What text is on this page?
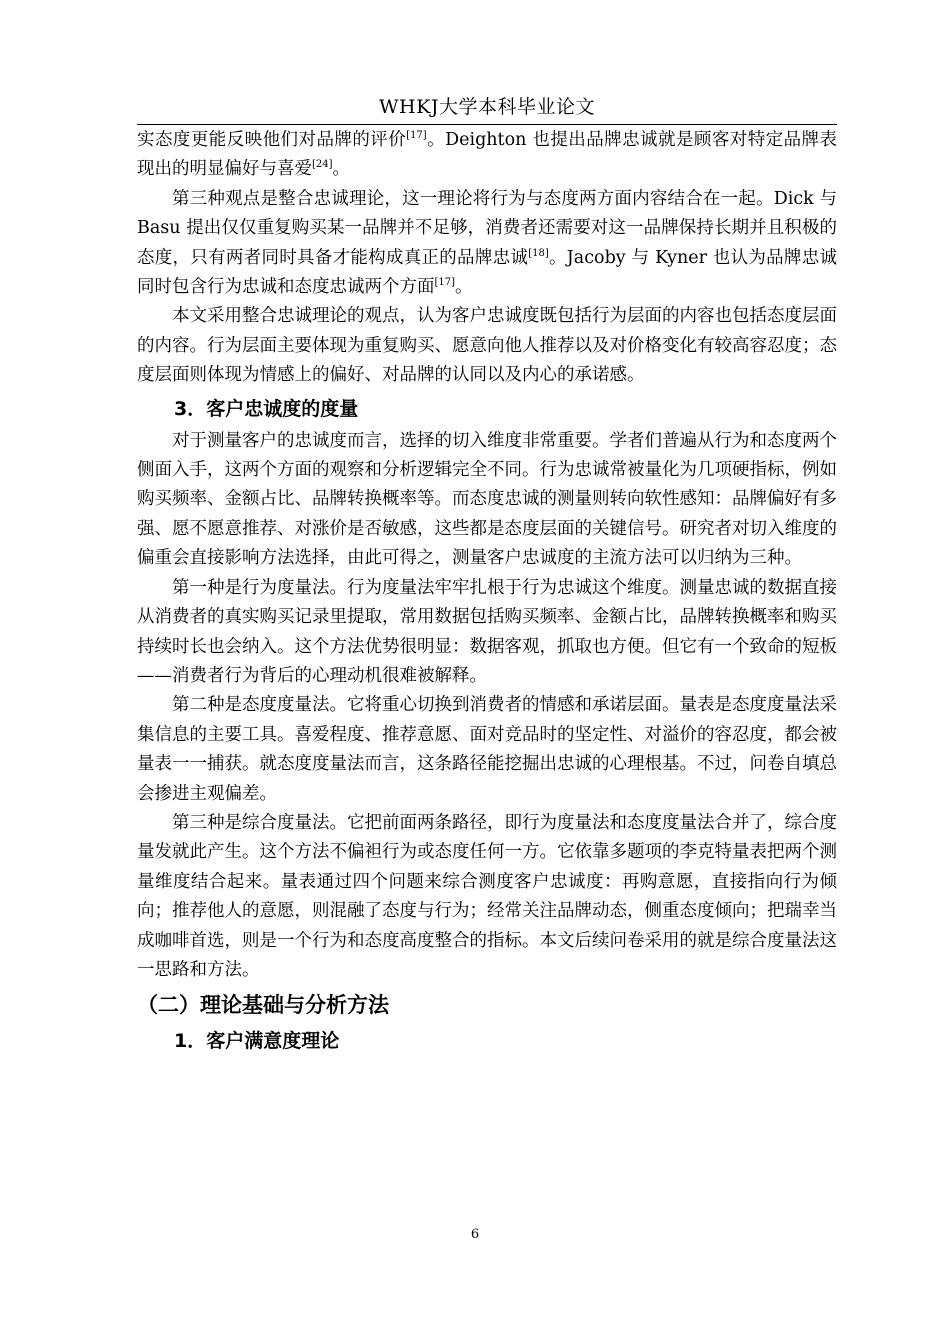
WHKJ大学本科毕业论文

实态度更能反映他们对品牌的评价[17]。Deighton 也提出品牌忠诚就是顾客对特定品牌表现出的明显偏好与喜爱[24]。

第三种观点是整合忠诚理论，这一理论将行为与态度两方面内容结合在一起。Dick 与 Basu 提出仅仅重复购买某一品牌并不足够，消费者还需要对这一品牌保持长期并且积极的态度，只有两者同时具备才能构成真正的品牌忠诚[18]。Jacoby 与 Kyner 也认为品牌忠诚同时包含行为忠诚和态度忠诚两个方面[17]。

本文采用整合忠诚理论的观点，认为客户忠诚度既包括行为层面的内容也包括态度层面的内容。行为层面主要体现为重复购买、愿意向他人推荐以及对价格变化有较高容忍度；态度层面则体现为情感上的偏好、对品牌的认同以及内心的承诺感。

3．客户忠诚度的度量

对于测量客户的忠诚度而言，选择的切入维度非常重要。学者们普遍从行为和态度两个侧面入手，这两个方面的观察和分析逻辑完全不同。行为忠诚常被量化为几项硬指标，例如购买频率、金额占比、品牌转换概率等。而态度忠诚的测量则转向软性感知：品牌偏好有多强、愿不愿意推荐、对涨价是否敏感，这些都是态度层面的关键信号。研究者对切入维度的偏重会直接影响方法选择，由此可得之，测量客户忠诚度的主流方法可以归纳为三种。

第一种是行为度量法。行为度量法牢牢扎根于行为忠诚这个维度。测量忠诚的数据直接从消费者的真实购买记录里提取，常用数据包括购买频率、金额占比，品牌转换概率和购买持续时长也会纳入。这个方法优势很明显：数据客观，抓取也方便。但它有一个致命的短板——消费者行为背后的心理动机很难被解释。

第二种是态度度量法。它将重心切换到消费者的情感和承诺层面。量表是态度度量法采集信息的主要工具。喜爱程度、推荐意愿、面对竞品时的坚定性、对溢价的容忍度，都会被量表一一捕获。就态度度量法而言，这条路径能挖掘出忠诚的心理根基。不过，问卷自填总会掺进主观偏差。

第三种是综合度量法。它把前面两条路径，即行为度量法和态度度量法合并了，综合度量发就此产生。这个方法不偏袒行为或态度任何一方。它依靠多题项的李克特量表把两个测量维度结合起来。量表通过四个问题来综合测度客户忠诚度：再购意愿，直接指向行为倾向；推荐他人的意愿，则混融了态度与行为；经常关注品牌动态，侧重态度倾向；把瑞幸当成咖啡首选，则是一个行为和态度高度整合的指标。本文后续问卷采用的就是综合度量法这一思路和方法。

（二）理论基础与分析方法
1．客户满意度理论
6
